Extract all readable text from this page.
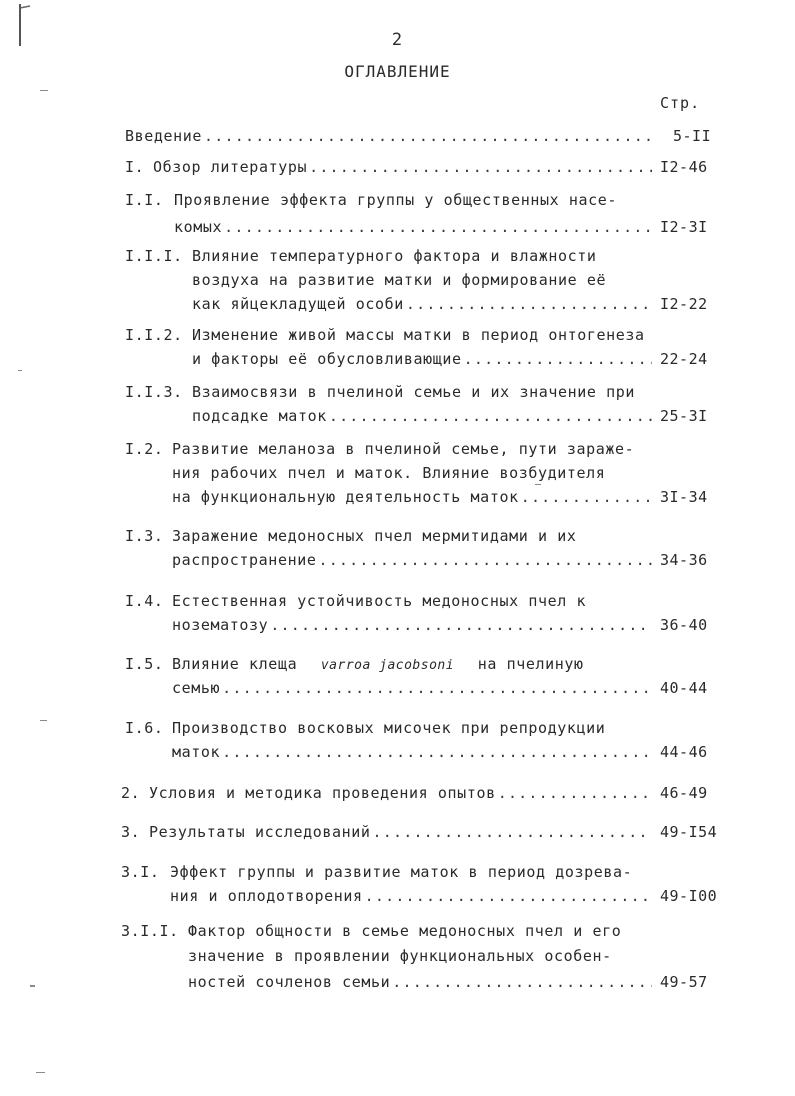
2
ОГЛАВЛЕНИЕ
Стр.
Введение .....	5-II
I. Обзор литературы .....	I2-46
I.I. Проявление эффекта группы у общественных насе-
комых .....	I2-3I
I.I.I. Влияние температурного фактора и влажности
воздуха на развитие матки и формирование её
как яйцекладущей особи .....	I2-22
I.I.2. Изменение живой массы матки в период онтогенеза
и факторы её обусловливающие .....	22-24
I.I.3. Взаимосвязи в пчелиной семье и их значение при
подсадке маток .....	25-3I
I.2. Развитие меланоза в пчелиной семье, пути зараже-
ния рабочих пчел и маток. Влияние возбудителя
на функциональную деятельность маток .....	3I-34
I.3. Заражение медоносных пчел мермитидами и их
распространение .....	34-36
I.4. Естественная устойчивость медоносных пчел к
нозематозу .....	36-40
I.5. Влияние клеща varroa jacobsoni на пчелиную
семью .....	40-44
I.6. Производство восковых мисочек при репродукции
маток .....	44-46
2. Условия и методика проведения опытов .....	46-49
3. Результаты исследований .....	49-I54
3.I. Эффект группы и развитие маток в период дозрева-
ния и оплодотворения .....	49-I00
3.I.I. Фактор общности в семье медоносных пчел и его
значение в проявлении функциональных особен-
ностей сочленов семьи .....	49-57
